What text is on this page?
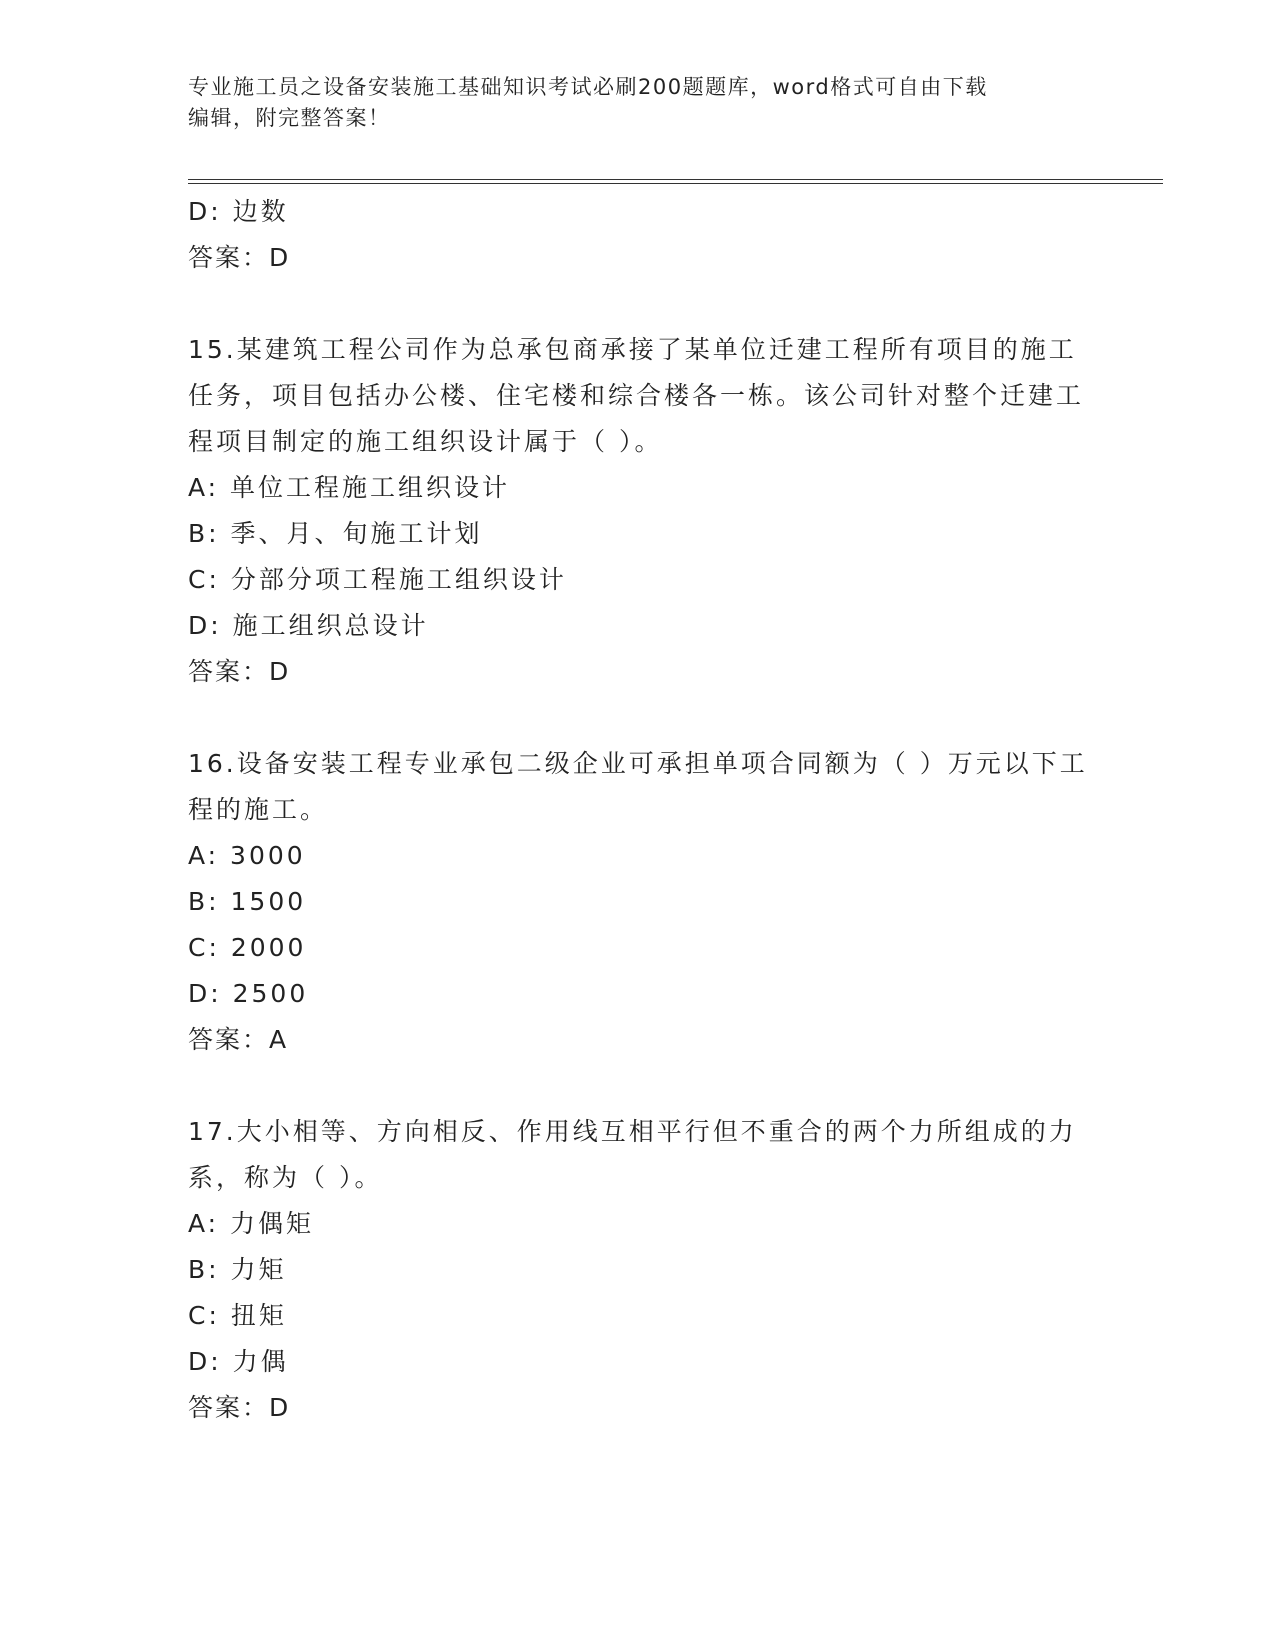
专业施工员之设备安装施工基础知识考试必刷200题题库，word格式可自由下载
编辑，附完整答案！
D: 边数
答案：D
15.某建筑工程公司作为总承包商承接了某单位迁建工程所有项目的施工任务，项目包括办公楼、住宅楼和综合楼各一栋。该公司针对整个迁建工程项目制定的施工组织设计属于（ ）。
A: 单位工程施工组织设计
B: 季、月、旬施工计划
C: 分部分项工程施工组织设计
D: 施工组织总设计
答案：D
16.设备安装工程专业承包二级企业可承担单项合同额为（ ）万元以下工程的施工。
A: 3000
B: 1500
C: 2000
D: 2500
答案：A
17.大小相等、方向相反、作用线互相平行但不重合的两个力所组成的力系，称为（ ）。
A: 力偶矩
B: 力矩
C: 扭矩
D: 力偶
答案：D
